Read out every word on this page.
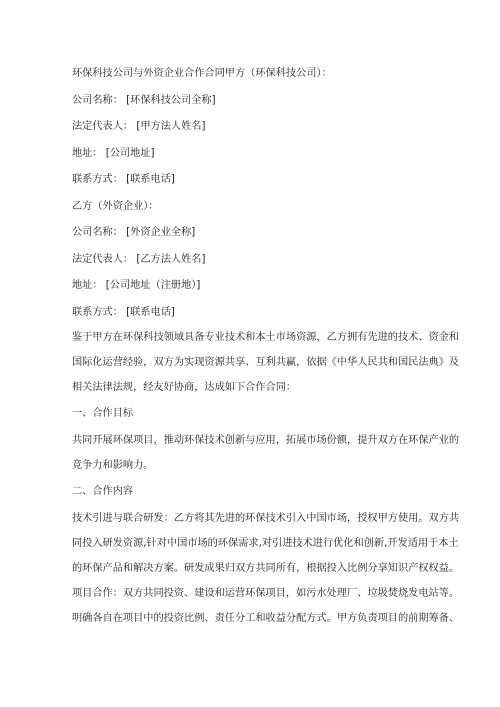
环保科技公司与外资企业合作合同甲方（环保科技公司）：

公司名称： [环保科技公司全称]

法定代表人： [甲方法人姓名]

地址： [公司地址]

联系方式： [联系电话]

乙方（外资企业）：

公司名称： [外资企业全称]

法定代表人： [乙方法人姓名]

地址： [公司地址（注册地）]

联系方式： [联系电话]

鉴于甲方在环保科技领域具备专业技术和本土市场资源，乙方拥有先进的技术、资金和

国际化运营经验，双方为实现资源共享、互利共赢，依据《中华人民共和国民法典》及

相关法律法规，经友好协商，达成如下合作合同：

一、合作目标

共同开展环保项目，推动环保技术创新与应用，拓展市场份额，提升双方在环保产业的

竞争力和影响力。

二、合作内容

技术引进与联合研发：乙方将其先进的环保技术引入中国市场，授权甲方使用。双方共

同投入研发资源,针对中国市场的环保需求,对引进技术进行优化和创新,开发适用于本土

的环保产品和解决方案。研发成果归双方共同所有，根据投入比例分享知识产权权益。

项目合作：双方共同投资、建设和运营环保项目，如污水处理厂、垃圾焚烧发电站等。

明确各自在项目中的投资比例、责任分工和收益分配方式。甲方负责项目的前期筹备、
